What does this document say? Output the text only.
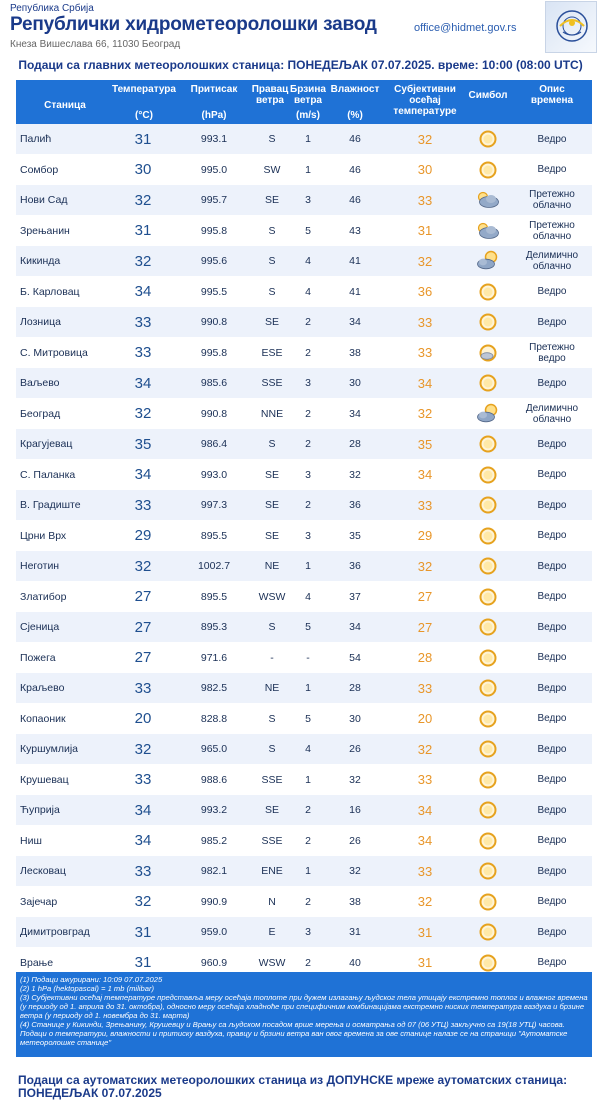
Република Србија
Републички хидрометеоролошки завод
Кнеза Вишеслава 66, 11030 Београд
office@hidmet.gov.rs
Подаци са главних метеоролошких станица: ПОНЕДЕЉАК 07.07.2025. време: 10:00 (08:00 UTC)
Станица
Температура
(°C)
Притисак
(hPa)
Правац
ветра
Брзина
ветра
(m/s)
Влажност
(%)
Субјективни
осећај
температуре
Симбол
Опис
времена
Палић	31	993.1	S	1	46	32	Ведро
Сомбор	30	995.0	SW	1	46	30	Ведро
Нови Сад	32	995.7	SE	3	46	33	Претежно
облачно
Зрењанин	31	995.8	S	5	43	31	Претежно
облачно
Кикинда	32	995.6	S	4	41	32	Делимично
облачно
Б. Карловац	34	995.5	S	4	41	36	Ведро
Лозница	33	990.8	SE	2	34	33	Ведро
С. Митровица	33	995.8	ESE	2	38	33	Претежно
ведро
Ваљево	34	985.6	SSE	3	30	34	Ведро
Београд	32	990.8	NNE	2	34	32	Делимично
облачно
Крагујевац	35	986.4	S	2	28	35	Ведро
С. Паланка	34	993.0	SE	3	32	34	Ведро
В. Градиште	33	997.3	SE	2	36	33	Ведро
Црни Врх	29	895.5	SE	3	35	29	Ведро
Неготин	32	1002.7	NE	1	36	32	Ведро
Златибор	27	895.5	WSW	4	37	27	Ведро
Сјеница	27	895.3	S	5	34	27	Ведро
Пожега	27	971.6	-	-	54	28	Ведро
Краљево	33	982.5	NE	1	28	33	Ведро
Копаоник	20	828.8	S	5	30	20	Ведро
Куршумлија	32	965.0	S	4	26	32	Ведро
Крушевац	33	988.6	SSE	1	32	33	Ведро
Ћуприја	34	993.2	SE	2	16	34	Ведро
Ниш	34	985.2	SSE	2	26	34	Ведро
Лесковац	33	982.1	ENE	1	32	33	Ведро
Зајечар	32	990.9	N	2	38	32	Ведро
Димитровград	31	959.0	E	3	31	31	Ведро
Врање	31	960.9	WSW	2	40	31	Ведро
(1) Подаци ажурирани: 10:09 07.07.2025
(2) 1 hPa (hektopascal) = 1 mb (milibar)
(3) Субјективни осећај температуре представља меру осећаја топлоте при дужем излагању људског тела утицају екстремно топлог и влажног времена (у периоду од 1. априла до 31. октобра), односно меру осећаја хладноће при специфичним комбинацијама екстремно ниских температура ваздуха и брзине ветра (у периоду од 1. новембра до 31. марта)
(4) Станице у Кикинди, Зрењанину, Крушевцу и Врању са људском посадом врше мерења и осматрања од 07 (06 УТЦ) закључно са 19(18 УТЦ) часова.
Подаци о температури, влажности и притиску ваздуха, правцу и брзини ветра ван овог времена за ове станице налазе се на страници "Аутоматске метеоролошке станице"
Подаци са аутоматских метеоролошких станица из ДОПУНСКЕ мреже аутоматских станица:
ПОНЕДЕЉАК 07.07.2025
